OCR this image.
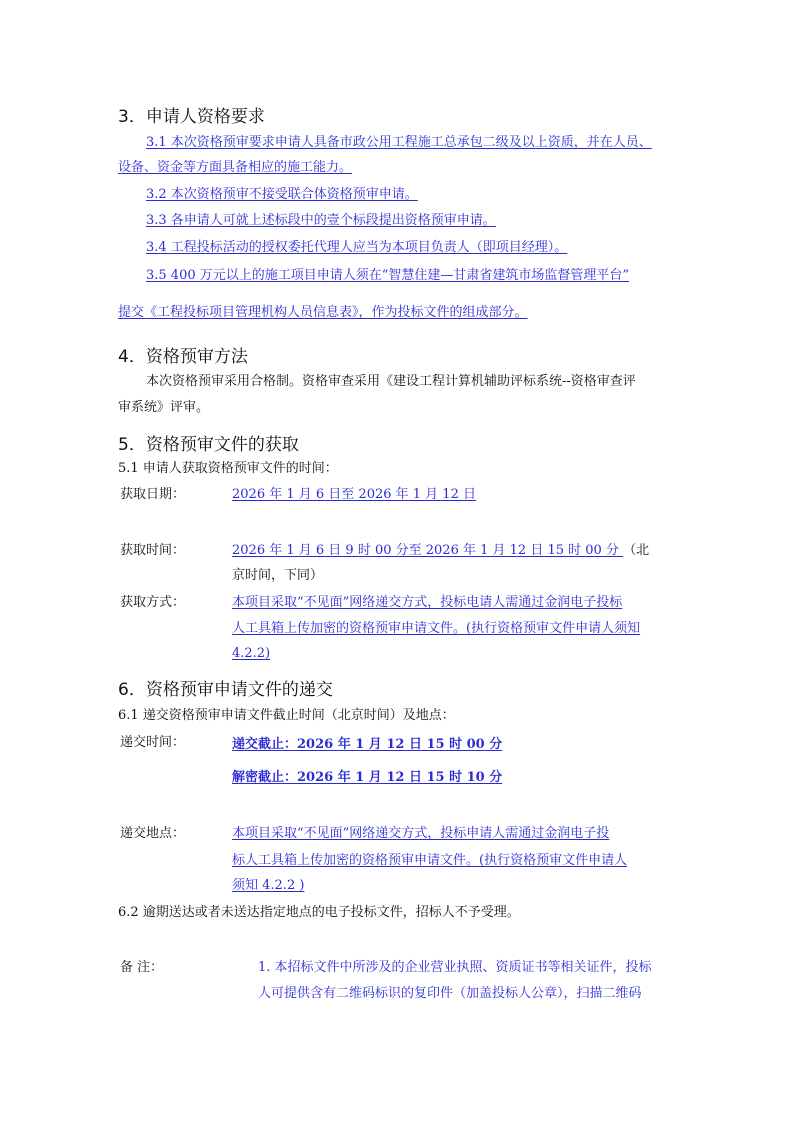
3．申请人资格要求
3.1 本次资格预审要求申请人具备市政公用工程施工总承包二级及以上资质，并在人员、
设备、资金等方面具备相应的施工能力。
3.2 本次资格预审不接受联合体资格预审申请。
3.3 各申请人可就上述标段中的壹个标段提出资格预审申请。
3.4 工程投标活动的授权委托代理人应当为本项目负责人（即项目经理）。
3.5 400 万元以上的施工项目申请人须在“智慧住建—甘肃省建筑市场监督管理平台”
提交《工程投标项目管理机构人员信息表》，作为投标文件的组成部分。
4．资格预审方法
本次资格预审采用合格制。资格审查采用《建设工程计算机辅助评标系统--资格审查评
审系统》评审。
5．资格预审文件的获取
5.1 申请人获取资格预审文件的时间：
获取日期：	2026 年 1 月 6 日至 2026 年 1 月 12 日
获取时间：	2026 年 1 月 6 日 9 时 00 分至 2026 年 1 月 12 日 15 时 00 分 （北
京时间，下同）
获取方式：	本项目采取“不见面”网络递交方式，投标电请人需通过金润电子投标
人工具箱上传加密的资格预审申请文件。(执行资格预审文件申请人须知
4.2.2)
6．资格预审申请文件的递交
6.1 递交资格预审申请文件截止时间（北京时间）及地点：
递交时间：	递交截止：2026 年 1 月 12 日 15 时 00 分
解密截止：2026 年 1 月 12 日 15 时 10 分
递交地点：	本项目采取“不见面”网络递交方式，投标申请人需通过金润电子投
标人工具箱上传加密的资格预审申请文件。(执行资格预审文件申请人
须知 4.2.2 )
6.2 逾期送达或者未送达指定地点的电子投标文件，招标人不予受理。
备 注：	1. 本招标文件中所涉及的企业营业执照、资质证书等相关证件，投标
人可提供含有二维码标识的复印件（加盖投标人公章），扫描二维码
